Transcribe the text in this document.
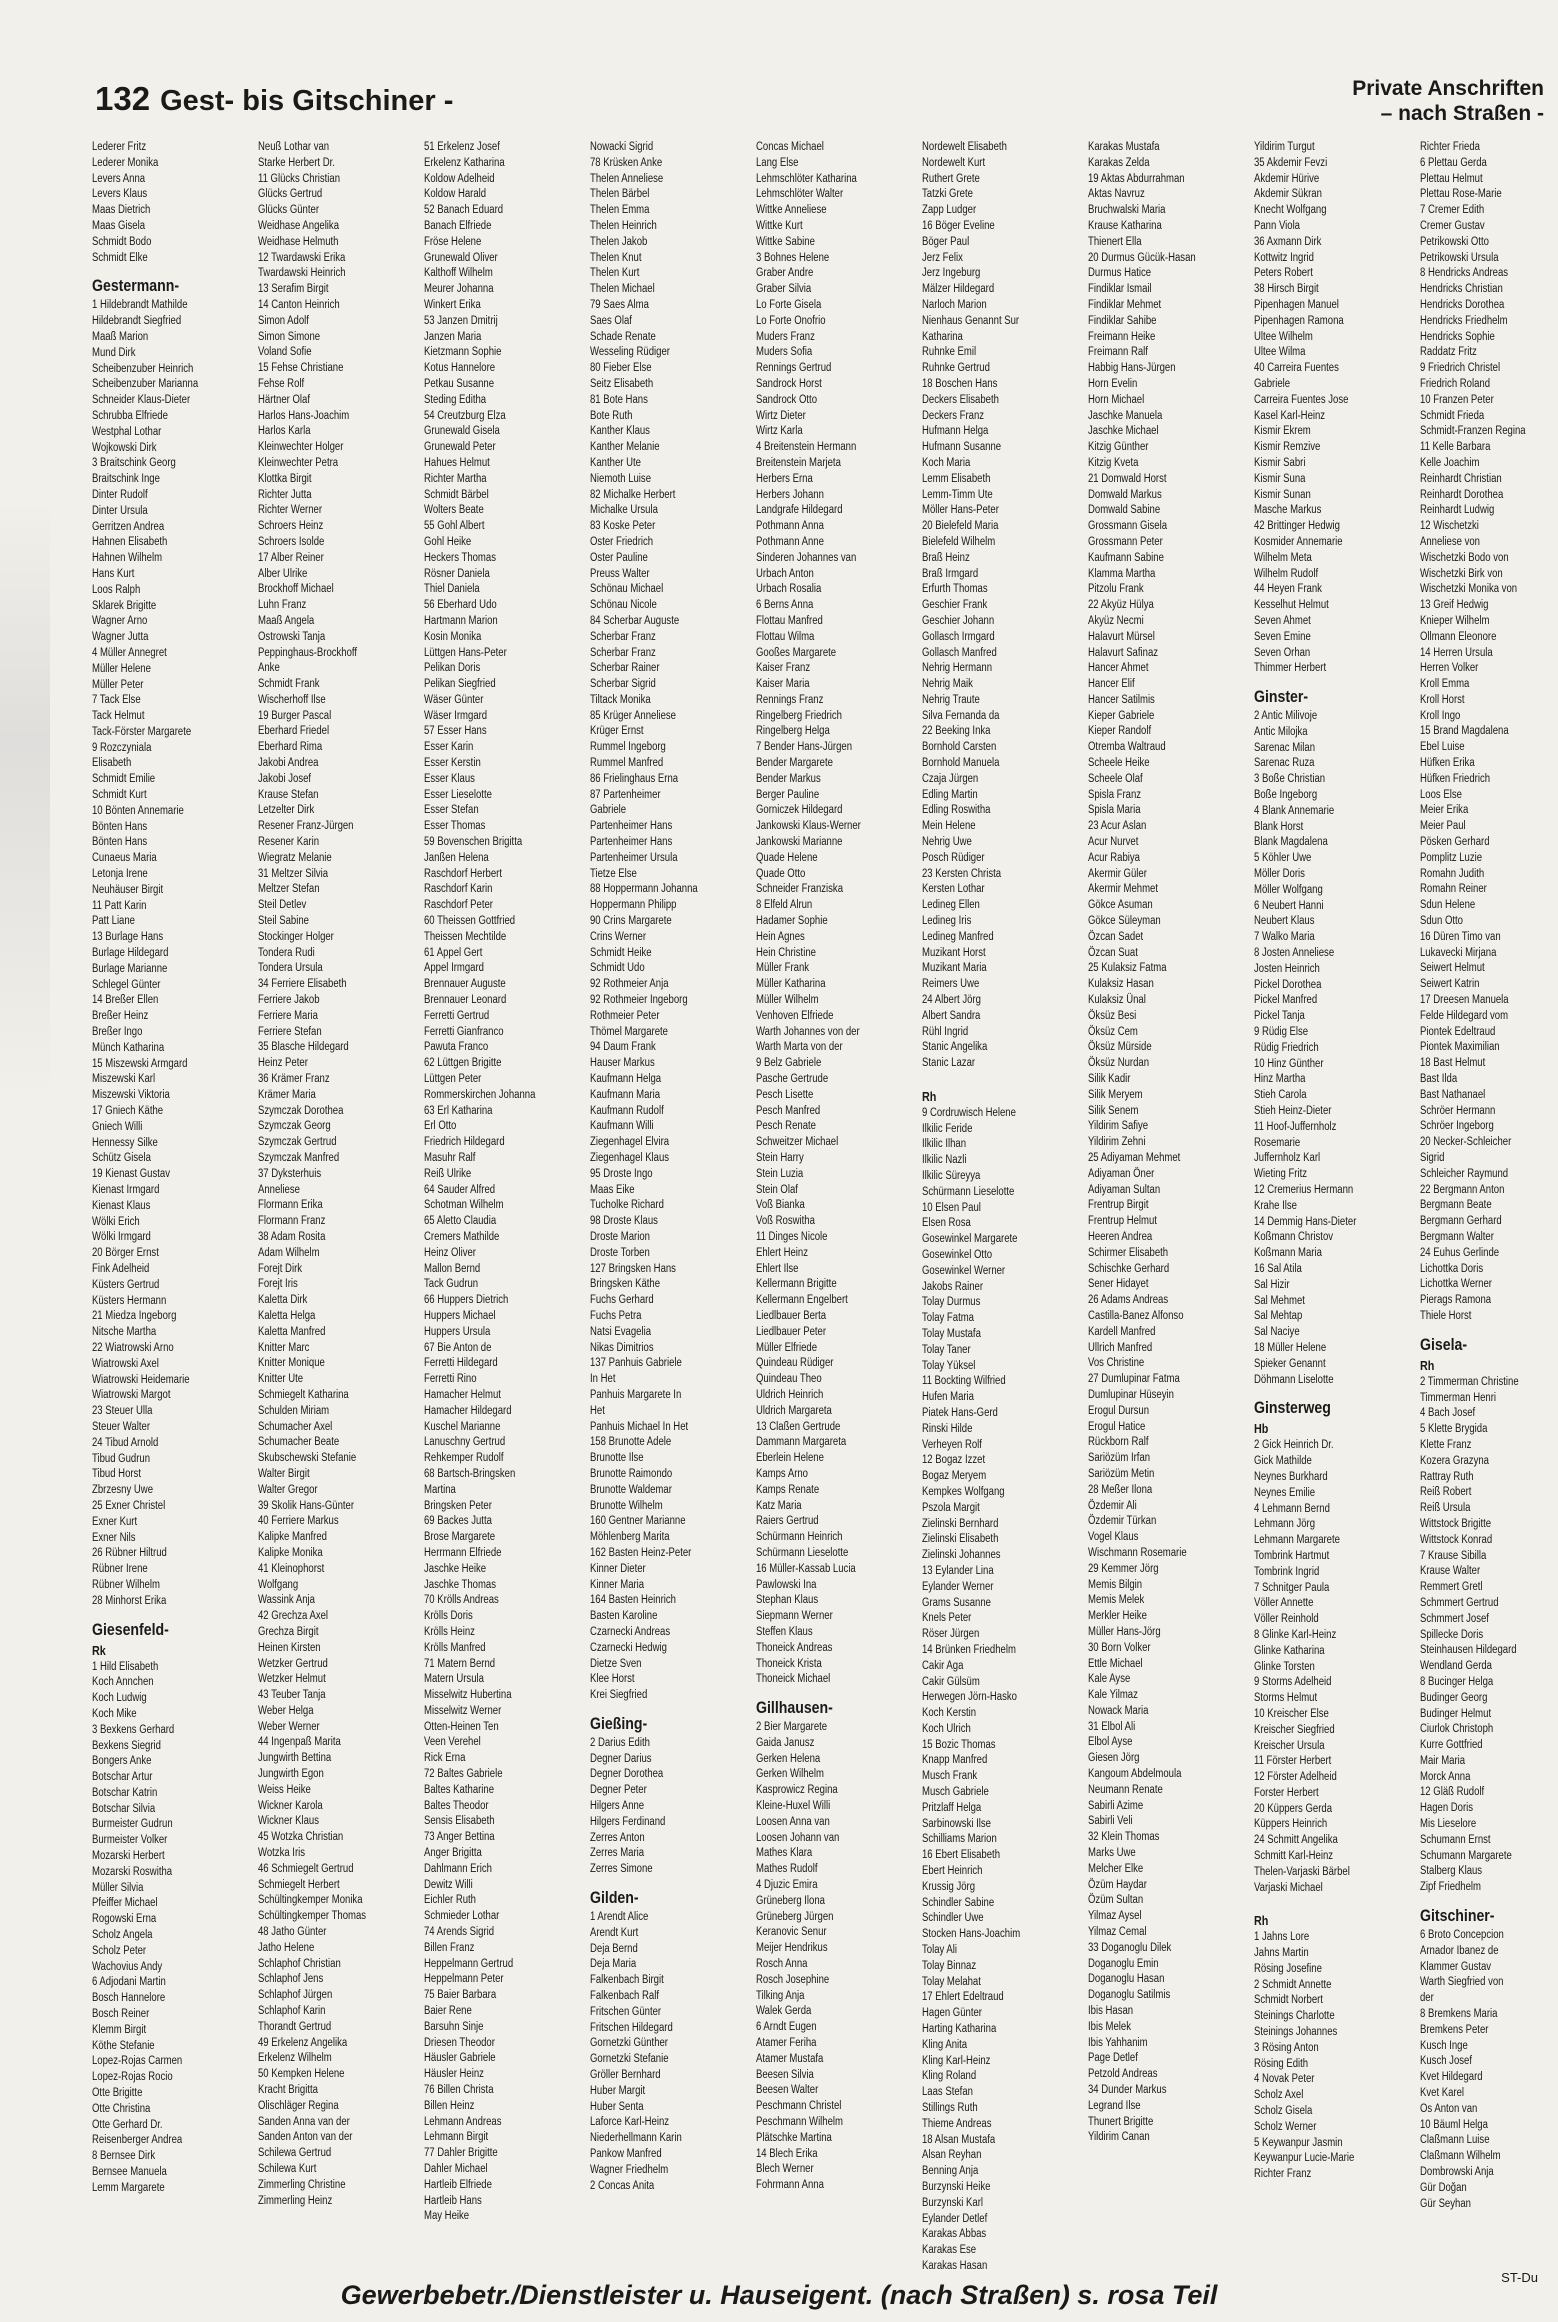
132 Gest- bis Gitschiner -	Private Anschriften
– nach Straßen -
Lederer Fritz
Lederer Monika
Levers Anna
Levers Klaus
Maas Dietrich
Maas Gisela
Schmidt Bodo
Schmidt Elke
Gestermann-
1 Hildebrandt Mathilde
Hildebrandt Siegfried
Maaß Marion
Mund Dirk
Scheibenzuber Heinrich
Scheibenzuber Marianna
Schneider Klaus-Dieter
Schrubba Elfriede
Westphal Lothar
Wojkowski Dirk
3 Braitschink Georg
Braitschink Inge
Dinter Rudolf
Dinter Ursula
Gerritzen Andrea
Hahnen Elisabeth
Hahnen Wilhelm
Hans Kurt
Loos Ralph
Sklarek Brigitte
Wagner Arno
Wagner Jutta
4 Müller Annegret
Müller Helene
Müller Peter
7 Tack Else
Tack Helmut
Tack-Förster Margarete
9 Rozczyniala
Elisabeth
Schmidt Emilie
Schmidt Kurt
10 Bönten Annemarie
Bönten Hans
Bönten Hans
Cunaeus Maria
Letonja Irene
Neuhäuser Birgit
11 Patt Karin
Patt Liane
13 Burlage Hans
Burlage Hildegard
Burlage Marianne
Schlegel Günter
14 Breßer Ellen
Breßer Heinz
Breßer Ingo
Münch Katharina
15 Miszewski Armgard
Miszewski Karl
Miszewski Viktoria
17 Gniech Käthe
Gniech Willi
Hennessy Silke
Schütz Gisela
19 Kienast Gustav
Kienast Irmgard
Kienast Klaus
Wölki Erich
Wölki Irmgard
20 Börger Ernst
Fink Adelheid
Küsters Gertrud
Küsters Hermann
21 Miedza Ingeborg
Nitsche Martha
22 Wiatrowski Arno
Wiatrowski Axel
Wiatrowski Heidemarie
Wiatrowski Margot
23 Steuer Ulla
Steuer Walter
24 Tibud Arnold
Tibud Gudrun
Tibud Horst
Zbrzesny Uwe
25 Exner Christel
Exner Kurt
Exner Nils
26 Rübner Hiltrud
Rübner Irene
Rübner Wilhelm
28 Minhorst Erika
Giesenfeld-
Rk
1 Hild Elisabeth
Koch Annchen
Koch Ludwig
Koch Mike
3 Bexkens Gerhard
Bexkens Siegrid
Bongers Anke
Botschar Artur
Botschar Katrin
Botschar Silvia
Burmeister Gudrun
Burmeister Volker
Mozarski Herbert
Mozarski Roswitha
Müller Silvia
Pfeiffer Michael
Rogowski Erna
Scholz Angela
Scholz Peter
Wachovius Andy
6 Adjodani Martin
Bosch Hannelore
Bosch Reiner
Klemm Birgit
Köthe Stefanie
Lopez-Rojas Carmen
Lopez-Rojas Rocio
Otte Brigitte
Otte Christina
Otte Gerhard Dr.
Reisenberger Andrea
8 Bernsee Dirk
Bernsee Manuela
Lemm Margarete
Neuß Lothar van
Starke Herbert Dr.
11 Glücks Christian
Glücks Gertrud
Glücks Günter
Weidhase Angelika
Weidhase Helmuth
12 Twardawski Erika
Twardawski Heinrich
13 Serafim Birgit
14 Canton Heinrich
Simon Adolf
Simon Simone
Voland Sofie
15 Fehse Christiane
Fehse Rolf
Härtner Olaf
Harlos Hans-Joachim
Harlos Karla
Kleinwechter Holger
Kleinwechter Petra
Klottka Birgit
Richter Jutta
Richter Werner
Schroers Heinz
Schroers Isolde
17 Alber Reiner
Alber Ulrike
Brockhoff Michael
Luhn Franz
Maaß Angela
Ostrowski Tanja
Peppinghaus-Brockhoff
Anke
Schmidt Frank
Wischerhoff Ilse
19 Burger Pascal
Eberhard Friedel
Eberhard Rima
Jakobi Andrea
Jakobi Josef
Krause Stefan
Letzelter Dirk
Resener Franz-Jürgen
Resener Karin
Wiegratz Melanie
31 Meltzer Silvia
Meltzer Stefan
Steil Detlev
Steil Sabine
Stockinger Holger
Tondera Rudi
Tondera Ursula
34 Ferriere Elisabeth
Ferriere Jakob
Ferriere Maria
Ferriere Stefan
35 Blasche Hildegard
Heinz Peter
36 Krämer Franz
Krämer Maria
Szymczak Dorothea
Szymczak Georg
Szymczak Gertrud
Szymczak Manfred
37 Dyksterhuis
Anneliese
Flormann Erika
Flormann Franz
38 Adam Rosita
Adam Wilhelm
Forejt Dirk
Forejt Iris
Kaletta Dirk
Kaletta Helga
Kaletta Manfred
Knitter Marc
Knitter Monique
Knitter Ute
Schmiegelt Katharina
Schulden Miriam
Schumacher Axel
Schumacher Beate
Skubschewski Stefanie
Walter Birgit
Walter Gregor
39 Skolik Hans-Günter
40 Ferriere Markus
Kalipke Manfred
Kalipke Monika
41 Kleinophorst
Wolfgang
Wassink Anja
42 Grechza Axel
Grechza Birgit
Heinen Kirsten
Wetzker Gertrud
Wetzker Helmut
43 Teuber Tanja
Weber Helga
Weber Werner
44 Ingenpaß Marita
Jungwirth Bettina
Jungwirth Egon
Weiss Heike
Wickner Karola
Wickner Klaus
45 Wotzka Christian
Wotzka Iris
46 Schmiegelt Gertrud
Schmiegelt Herbert
Schültingkemper Monika
Schültingkemper Thomas
48 Jatho Günter
Jatho Helene
Schlaphof Christian
Schlaphof Jens
Schlaphof Jürgen
Schlaphof Karin
Thorandt Gertrud
49 Erkelenz Angelika
Erkelenz Wilhelm
50 Kempken Helene
Kracht Brigitta
Olischläger Regina
Sanden Anna van der
Sanden Anton van der
Schilewa Gertrud
Schilewa Kurt
Zimmerling Christine
Zimmerling Heinz
51 Erkelenz Josef
Erkelenz Katharina
Koldow Adelheid
Koldow Harald
52 Banach Eduard
Banach Elfriede
Fröse Helene
Grunewald Oliver
Kalthoff Wilhelm
Meurer Johanna
Winkert Erika
53 Janzen Dmitrij
Janzen Maria
Kietzmann Sophie
Kotus Hannelore
Petkau Susanne
Steding Editha
54 Creutzburg Elza
Grunewald Gisela
Grunewald Peter
Hahues Helmut
Richter Martha
Schmidt Bärbel
Wolters Beate
55 Gohl Albert
Gohl Heike
Heckers Thomas
Rösner Daniela
Thiel Daniela
56 Eberhard Udo
Hartmann Marion
Kosin Monika
Lüttgen Hans-Peter
Pelikan Doris
Pelikan Siegfried
Wäser Günter
Wäser Irmgard
57 Esser Hans
Esser Karin
Esser Kerstin
Esser Klaus
Esser Lieselotte
Esser Stefan
Esser Thomas
59 Bovenschen Brigitta
Janßen Helena
Raschdorf Herbert
Raschdorf Karin
Raschdorf Peter
60 Theissen Gottfried
Theissen Mechtilde
61 Appel Gert
Appel Irmgard
Brennauer Auguste
Brennauer Leonard
Ferretti Gertrud
Ferretti Gianfranco
Pawuta Franco
62 Lüttgen Brigitte
Lüttgen Peter
Rommerskirchen Johanna
63 Erl Katharina
Erl Otto
Friedrich Hildegard
Masuhr Ralf
Reiß Ulrike
64 Sauder Alfred
Schotman Wilhelm
65 Aletto Claudia
Cremers Mathilde
Heinz Oliver
Mallon Bernd
Tack Gudrun
66 Huppers Dietrich
Huppers Michael
Huppers Ursula
67 Bie Anton de
Ferretti Hildegard
Ferretti Rino
Hamacher Helmut
Hamacher Hildegard
Kuschel Marianne
Lanuschny Gertrud
Rehkemper Rudolf
68 Bartsch-Bringsken
Martina
Bringsken Peter
69 Backes Jutta
Brose Margarete
Herrmann Elfriede
Jaschke Heike
Jaschke Thomas
70 Krölls Andreas
Krölls Doris
Krölls Heinz
Krölls Manfred
71 Matern Bernd
Matern Ursula
Misselwitz Hubertina
Misselwitz Werner
Otten-Heinen Ten
Veen Verehel
Rick Erna
72 Baltes Gabriele
Baltes Katharine
Baltes Theodor
Sensis Elisabeth
73 Anger Bettina
Anger Brigitta
Dahlmann Erich
Dewitz Willi
Eichler Ruth
Schmieder Lothar
74 Arends Sigrid
Billen Franz
Heppelmann Gertrud
Heppelmann Peter
75 Baier Barbara
Baier Rene
Barsuhn Sinje
Driesen Theodor
Häusler Gabriele
Häusler Heinz
76 Billen Christa
Billen Heinz
Lehmann Andreas
Lehmann Birgit
77 Dahler Brigitte
Dahler Michael
Hartleib Elfriede
Hartleib Hans
May Heike
Nowacki Sigrid
78 Krüsken Anke
Thelen Anneliese
Thelen Bärbel
Thelen Emma
Thelen Heinrich
Thelen Jakob
Thelen Knut
Thelen Kurt
Thelen Michael
79 Saes Alma
Saes Olaf
Schade Renate
Wesseling Rüdiger
80 Fieber Else
Seitz Elisabeth
81 Bote Hans
Bote Ruth
Kanther Klaus
Kanther Melanie
Kanther Ute
Niemoth Luise
82 Michalke Herbert
Michalke Ursula
83 Koske Peter
Oster Friedrich
Oster Pauline
Preuss Walter
Schönau Michael
Schönau Nicole
84 Scherbar Auguste
Scherbar Franz
Scherbar Franz
Scherbar Rainer
Scherbar Sigrid
Tiltack Monika
85 Krüger Anneliese
Krüger Ernst
Rummel Ingeborg
Rummel Manfred
86 Frielinghaus Erna
87 Partenheimer
Gabriele
Partenheimer Hans
Partenheimer Hans
Partenheimer Ursula
Tietze Else
88 Hoppermann Johanna
Hoppermann Philipp
90 Crins Margarete
Crins Werner
Schmidt Heike
Schmidt Udo
92 Rothmeier Anja
92 Rothmeier Ingeborg
Rothmeier Peter
Thömel Margarete
94 Daum Frank
Hauser Markus
Kaufmann Helga
Kaufmann Maria
Kaufmann Rudolf
Kaufmann Willi
Ziegenhagel Elvira
Ziegenhagel Klaus
95 Droste Ingo
Maas Eike
Tucholke Richard
98 Droste Klaus
Droste Marion
Droste Torben
127 Bringsken Hans
Bringsken Käthe
Fuchs Gerhard
Fuchs Petra
Natsi Evagelia
Nikas Dimitrios
137 Panhuis Gabriele
In Het
Panhuis Margarete In
Het
Panhuis Michael In Het
158 Brunotte Adele
Brunotte Ilse
Brunotte Raimondo
Brunotte Waldemar
Brunotte Wilhelm
160 Gentner Marianne
Möhlenberg Marita
162 Basten Heinz-Peter
Kinner Dieter
Kinner Maria
164 Basten Heinrich
Basten Karoline
Czarnecki Andreas
Czarnecki Hedwig
Dietze Sven
Klee Horst
Krei Siegfried
Gießing-
2 Darius Edith
Degner Darius
Degner Dorothea
Degner Peter
Hilgers Anne
Hilgers Ferdinand
Zerres Anton
Zerres Maria
Zerres Simone
Gilden-
1 Arendt Alice
Arendt Kurt
Deja Bernd
Deja Maria
Falkenbach Birgit
Falkenbach Ralf
Fritschen Günter
Fritschen Hildegard
Gornetzki Günther
Gornetzki Stefanie
Gröller Bernhard
Huber Margit
Huber Senta
Laforce Karl-Heinz
Niederhellmann Karin
Pankow Manfred
Wagner Friedhelm
2 Concas Anita
Concas Michael
Lang Else
Lehmschlöter Katharina
Lehmschlöter Walter
Wittke Anneliese
Wittke Kurt
Wittke Sabine
3 Bohnes Helene
Graber Andre
Graber Silvia
Lo Forte Gisela
Lo Forte Onofrio
Muders Franz
Muders Sofia
Rennings Gertrud
Sandrock Horst
Sandrock Otto
Wirtz Dieter
Wirtz Karla
4 Breitenstein Hermann
Breitenstein Marjeta
Herbers Erna
Herbers Johann
Landgrafe Hildegard
Pothmann Anna
Pothmann Anne
Sinderen Johannes van
Urbach Anton
Urbach Rosalia
6 Berns Anna
Flottau Manfred
Flottau Wilma
Gooßes Margarete
Kaiser Franz
Kaiser Maria
Rennings Franz
Ringelberg Friedrich
Ringelberg Helga
7 Bender Hans-Jürgen
Bender Margarete
Bender Markus
Berger Pauline
Gorniczek Hildegard
Jankowski Klaus-Werner
Jankowski Marianne
Quade Helene
Quade Otto
Schneider Franziska
8 Elfeld Alrun
Hadamer Sophie
Hein Agnes
Hein Christine
Müller Frank
Müller Katharina
Müller Wilhelm
Venhoven Elfriede
Warth Johannes von der
Warth Marta von der
9 Belz Gabriele
Pasche Gertrude
Pesch Lisette
Pesch Manfred
Pesch Renate
Schweitzer Michael
Stein Harry
Stein Luzia
Stein Olaf
Voß Bianka
Voß Roswitha
11 Dinges Nicole
Ehlert Heinz
Ehlert Ilse
Kellermann Brigitte
Kellermann Engelbert
Liedlbauer Berta
Liedlbauer Peter
Müller Elfriede
Quindeau Rüdiger
Quindeau Theo
Uldrich Heinrich
Uldrich Margareta
13 Claßen Gertrude
Dammann Margareta
Eberlein Helene
Kamps Arno
Kamps Renate
Katz Maria
Raiers Gertrud
Schürmann Heinrich
Schürmann Lieselotte
16 Müller-Kassab Lucia
Pawlowski Ina
Stephan Klaus
Siepmann Werner
Steffen Klaus
Thoneick Andreas
Thoneick Krista
Thoneick Michael
Gillhausen-
2 Bier Margarete
Gaida Janusz
Gerken Helena
Gerken Wilhelm
Kasprowicz Regina
Kleine-Huxel Willi
Loosen Anna van
Loosen Johann van
Mathes Klara
Mathes Rudolf
4 Djuzic Emira
Grüneberg Ilona
Grüneberg Jürgen
Keranovic Senur
Meijer Hendrikus
Rosch Anna
Rosch Josephine
Tilking Anja
Walek Gerda
6 Arndt Eugen
Atamer Feriha
Atamer Mustafa
Beesen Silvia
Beesen Walter
Peschmann Christel
Peschmann Wilhelm
Plätschke Martina
14 Blech Erika
Blech Werner
Fohrmann Anna
Nordewelt Elisabeth
Nordewelt Kurt
Ruthert Grete
Tatzki Grete
Zapp Ludger
16 Böger Eveline
Böger Paul
Jerz Felix
Jerz Ingeburg
Mälzer Hildegard
Narloch Marion
Nienhaus Genannt Sur
Katharina
Ruhnke Emil
Ruhnke Gertrud
18 Boschen Hans
Deckers Elisabeth
Deckers Franz
Hufmann Helga
Hufmann Susanne
Koch Maria
Lemm Elisabeth
Lemm-Timm Ute
Möller Hans-Peter
20 Bielefeld Maria
Bielefeld Wilhelm
Braß Heinz
Braß Irmgard
Erfurth Thomas
Geschier Frank
Geschier Johann
Gollasch Irmgard
Gollasch Manfred
Nehrig Hermann
Nehrig Maik
Nehrig Traute
Silva Fernanda da
22 Beeking Inka
Bornhold Carsten
Bornhold Manuela
Czaja Jürgen
Edling Martin
Edling Roswitha
Mein Helene
Nehrig Uwe
Posch Rüdiger
23 Kersten Christa
Kersten Lothar
Ledineg Ellen
Ledineg Iris
Ledineg Manfred
Muzikant Horst
Muzikant Maria
Reimers Uwe
24 Albert Jörg
Albert Sandra
Rühl Ingrid
Stanic Angelika
Stanic Lazar
Rh
9 Cordruwisch Helene
Ilkilic Feride
Ilkilic Ilhan
Ilkilic Nazli
Ilkilic Süreyya
Schürmann Lieselotte
10 Elsen Paul
Elsen Rosa
Gosewinkel Margarete
Gosewinkel Otto
Gosewinkel Werner
Jakobs Rainer
Tolay Durmus
Tolay Fatma
Tolay Mustafa
Tolay Taner
Tolay Yüksel
11 Bockting Wilfried
Hufen Maria
Piatek Hans-Gerd
Rinski Hilde
Verheyen Rolf
12 Bogaz Izzet
Bogaz Meryem
Kempkes Wolfgang
Pszola Margit
Zielinski Bernhard
Zielinski Elisabeth
Zielinski Johannes
13 Eylander Lina
Eylander Werner
Grams Susanne
Knels Peter
Röser Jürgen
14 Brünken Friedhelm
Cakir Aga
Cakir Gülsüm
Herwegen Jörn-Hasko
Koch Kerstin
Koch Ulrich
15 Bozic Thomas
Knapp Manfred
Musch Frank
Musch Gabriele
Pritzlaff Helga
Sarbinowski Ilse
Schilliams Marion
16 Ebert Elisabeth
Ebert Heinrich
Krussig Jörg
Schindler Sabine
Schindler Uwe
Stocken Hans-Joachim
Tolay Ali
Tolay Binnaz
Tolay Melahat
17 Ehlert Edeltraud
Hagen Günter
Harting Katharina
Kling Anita
Kling Karl-Heinz
Kling Roland
Laas Stefan
Stillings Ruth
Thieme Andreas
18 Alsan Mustafa
Alsan Reyhan
Benning Anja
Burzynski Heike
Burzynski Karl
Eylander Detlef
Karakas Abbas
Karakas Ese
Karakas Hasan
Karakas Mustafa
Karakas Zelda
19 Aktas Abdurrahman
Aktas Navruz
Bruchwalski Maria
Krause Katharina
Thienert Ella
20 Durmus Gücük-Hasan
Durmus Hatice
Findiklar Ismail
Findiklar Mehmet
Findiklar Sahibe
Freimann Heike
Freimann Ralf
Habbig Hans-Jürgen
Horn Evelin
Horn Michael
Jaschke Manuela
Jaschke Michael
Kitzig Günther
Kitzig Kveta
21 Domwald Horst
Domwald Markus
Domwald Sabine
Grossmann Gisela
Grossmann Peter
Kaufmann Sabine
Klamma Martha
Pitzolu Frank
22 Akyüz Hülya
Akyüz Necmi
Halavurt Mürsel
Halavurt Safinaz
Hancer Ahmet
Hancer Elif
Hancer Satilmis
Kieper Gabriele
Kieper Randolf
Otremba Waltraud
Scheele Heike
Scheele Olaf
Spisla Franz
Spisla Maria
23 Acur Aslan
Acur Nurvet
Acur Rabiya
Akermir Güler
Akermir Mehmet
Gökce Asuman
Gökce Süleyman
Özcan Sadet
Özcan Suat
25 Kulaksiz Fatma
Kulaksiz Hasan
Kulaksiz Ünal
Öksüz Besi
Öksüz Cem
Öksüz Mürside
Öksüz Nurdan
Silik Kadir
Silik Meryem
Silik Senem
Yildirim Safiye
Yildirim Zehni
25 Adiyaman Mehmet
Adiyaman Öner
Adiyaman Sultan
Frentrup Birgit
Frentrup Helmut
Heeren Andrea
Schirmer Elisabeth
Schischke Gerhard
Sener Hidayet
26 Adams Andreas
Castilla-Banez Alfonso
Kardell Manfred
Ullrich Manfred
Vos Christine
27 Dumlupinar Fatma
Dumlupinar Hüseyin
Erogul Dursun
Erogul Hatice
Rückborn Ralf
Sariözüm Irfan
Sariözüm Metin
28 Meßer Ilona
Özdemir Ali
Özdemir Türkan
Vogel Klaus
Wischmann Rosemarie
29 Kemmer Jörg
Memis Bilgin
Memis Melek
Merkler Heike
Müller Hans-Jörg
30 Born Volker
Ettle Michael
Kale Ayse
Kale Yilmaz
Nowack Maria
31 Elbol Ali
Elbol Ayse
Giesen Jörg
Kangoum Abdelmoula
Neumann Renate
Sabirli Azime
Sabirli Veli
32 Klein Thomas
Marks Uwe
Melcher Elke
Özüm Haydar
Özüm Sultan
Yilmaz Aysel
Yilmaz Cemal
33 Doganoglu Dilek
Doganoglu Emin
Doganoglu Hasan
Doganoglu Satilmis
Ibis Hasan
Ibis Melek
Ibis Yahhanim
Page Detlef
Petzold Andreas
34 Dunder Markus
Legrand Ilse
Thunert Brigitte
Yildirim Canan
Yildirim Turgut
35 Akdemir Fevzi
Akdemir Hürive
Akdemir Sükran
Knecht Wolfgang
Pann Viola
36 Axmann Dirk
Kottwitz Ingrid
Peters Robert
38 Hirsch Birgit
Pipenhagen Manuel
Pipenhagen Ramona
Ultee Wilhelm
Ultee Wilma
40 Carreira Fuentes
Gabriele
Carreira Fuentes Jose
Kasel Karl-Heinz
Kismir Ekrem
Kismir Remzive
Kismir Sabri
Kismir Suna
Kismir Sunan
Masche Markus
42 Brittinger Hedwig
Kosmider Annemarie
Wilhelm Meta
Wilhelm Rudolf
44 Heyen Frank
Kesselhut Helmut
Seven Ahmet
Seven Emine
Seven Orhan
Thimmer Herbert
Ginster-
2 Antic Milivoje
Antic Milojka
Sarenac Milan
Sarenac Ruza
3 Boße Christian
Boße Ingeborg
4 Blank Annemarie
Blank Horst
Blank Magdalena
5 Köhler Uwe
Möller Doris
Möller Wolfgang
6 Neubert Hanni
Neubert Klaus
7 Walko Maria
8 Josten Anneliese
Josten Heinrich
Pickel Dorothea
Pickel Manfred
Pickel Tanja
9 Rüdig Else
Rüdig Friedrich
10 Hinz Günther
Hinz Martha
Stieh Carola
Stieh Heinz-Dieter
11 Hoof-Juffernholz
Rosemarie
Juffernholz Karl
Wieting Fritz
12 Cremerius Hermann
Krahe Ilse
14 Demmig Hans-Dieter
Koßmann Christov
Koßmann Maria
16 Sal Atila
Sal Hizir
Sal Mehmet
Sal Mehtap
Sal Naciye
18 Müller Helene
Spieker Genannt
Döhmann Liselotte
Ginsterweg
Hb
2 Gick Heinrich Dr.
Gick Mathilde
Neynes Burkhard
Neynes Emilie
4 Lehmann Bernd
Lehmann Jörg
Lehmann Margarete
Tombrink Hartmut
Tombrink Ingrid
7 Schnitger Paula
Völler Annette
Völler Reinhold
8 Glinke Karl-Heinz
Glinke Katharina
Glinke Torsten
9 Storms Adelheid
Storms Helmut
10 Kreischer Else
Kreischer Siegfried
Kreischer Ursula
11 Förster Herbert
12 Förster Adelheid
Forster Herbert
20 Küppers Gerda
Küppers Heinrich
24 Schmitt Angelika
Schmitt Karl-Heinz
Thelen-Varjaski Bärbel
Varjaski Michael
Rh
1 Jahns Lore
Jahns Martin
Rösing Josefine
2 Schmidt Annette
Schmidt Norbert
Steinings Charlotte
Steinings Johannes
3 Rösing Anton
Rösing Edith
4 Novak Peter
Scholz Axel
Scholz Gisela
Scholz Werner
5 Keywanpur Jasmin
Keywanpur Lucie-Marie
Richter Franz
Richter Frieda
6 Plettau Gerda
Plettau Helmut
Plettau Rose-Marie
7 Cremer Edith
Cremer Gustav
Petrikowski Otto
Petrikowski Ursula
8 Hendricks Andreas
Hendricks Christian
Hendricks Dorothea
Hendricks Friedhelm
Hendricks Sophie
Raddatz Fritz
9 Friedrich Christel
Friedrich Roland
10 Franzen Peter
Schmidt Frieda
Schmidt-Franzen Regina
11 Kelle Barbara
Kelle Joachim
Reinhardt Christian
Reinhardt Dorothea
Reinhardt Ludwig
12 Wischetzki
Anneliese von
Wischetzki Bodo von
Wischetzki Birk von
Wischetzki Monika von
13 Greif Hedwig
Knieper Wilhelm
Ollmann Eleonore
14 Herren Ursula
Herren Volker
Kroll Emma
Kroll Horst
Kroll Ingo
15 Brand Magdalena
Ebel Luise
Hüfken Erika
Hüfken Friedrich
Loos Else
Meier Erika
Meier Paul
Pösken Gerhard
Pomplitz Luzie
Romahn Judith
Romahn Reiner
Sdun Helene
Sdun Otto
16 Düren Timo van
Lukavecki Mirjana
Seiwert Helmut
Seiwert Katrin
17 Dreesen Manuela
Felde Hildegard vom
Piontek Edeltraud
Piontek Maximilian
18 Bast Helmut
Bast Ilda
Bast Nathanael
Schröer Hermann
Schröer Ingeborg
20 Necker-Schleicher
Sigrid
Schleicher Raymund
22 Bergmann Anton
Bergmann Beate
Bergmann Gerhard
Bergmann Walter
24 Euhus Gerlinde
Lichottka Doris
Lichottka Werner
Pierags Ramona
Thiele Horst
Gisela-
Rh
2 Timmerman Christine
Timmerman Henri
4 Bach Josef
5 Klette Brygida
Klette Franz
Kozera Grazyna
Rattray Ruth
Reiß Robert
Reiß Ursula
Wittstock Brigitte
Wittstock Konrad
7 Krause Sibilla
Krause Walter
Remmert Gretl
Schmmert Gertrud
Schmmert Josef
Spillecke Doris
Steinhausen Hildegard
Wendland Gerda
8 Bucinger Helga
Budinger Georg
Budinger Helmut
Ciurlok Christoph
Kurre Gottfried
Mair Maria
Morck Anna
12 Gläß Rudolf
Hagen Doris
Mis Lieselore
Schumann Ernst
Schumann Margarete
Stalberg Klaus
Zipf Friedhelm
Gitschiner-
6 Broto Concepcion
Arnador Ibanez de
Klammer Gustav
Warth Siegfried von
der
8 Bremkens Maria
Bremkens Peter
Kusch Inge
Kusch Josef
Kvet Hildegard
Kvet Karel
Os Anton van
10 Bäuml Helga
Claßmann Luise
Claßmann Wilhelm
Dombrowski Anja
Gür Doğan
Gür Seyhan
Gewerbebetr./Dienstleister u. Hauseigent. (nach Straßen) s. rosa Teil
ST-Du
